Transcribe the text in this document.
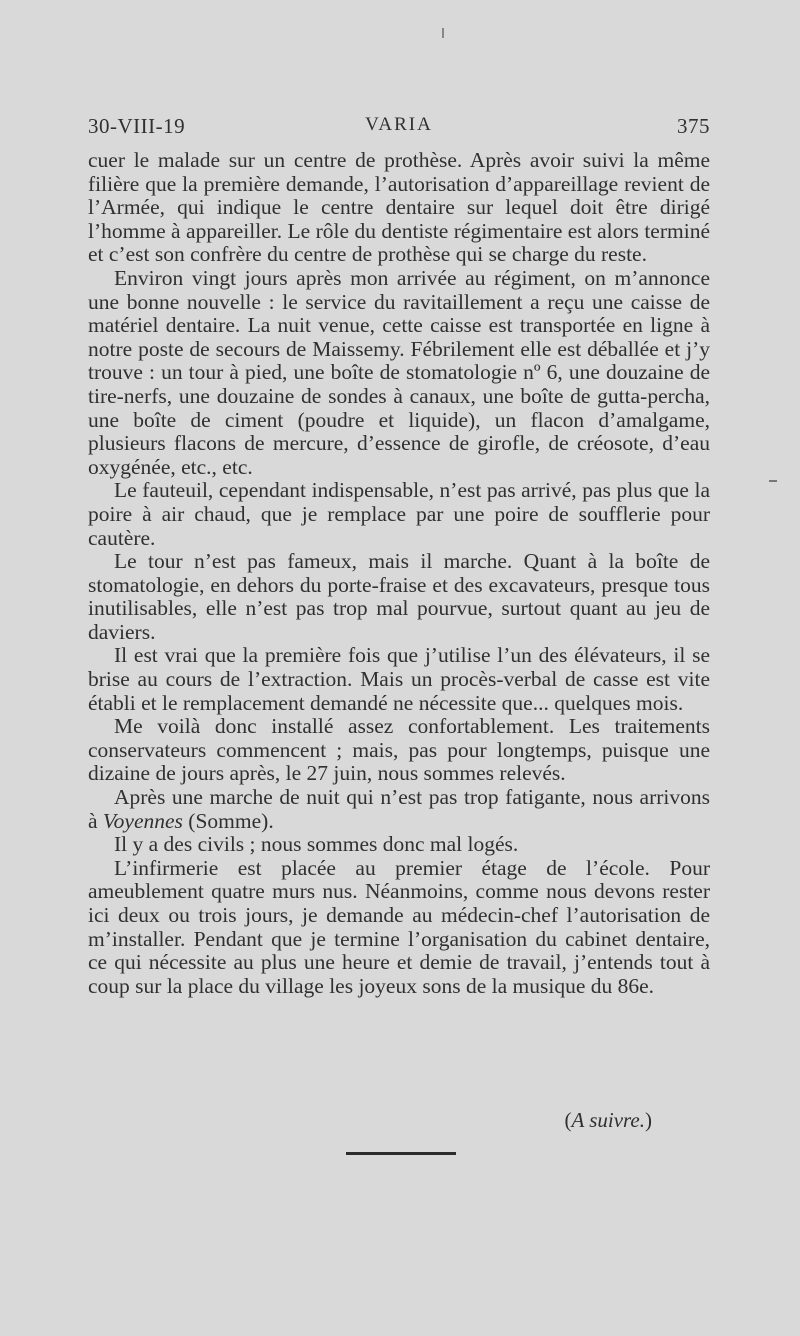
30-VIII-19	VARIA	375

cuer le malade sur un centre de prothèse. Après avoir suivi la même filière que la première demande, l’autorisation d’appareillage revient de l’Armée, qui indique le centre dentaire sur lequel doit être dirigé l’homme à appareiller. Le rôle du dentiste régimentaire est alors terminé et c’est son confrère du centre de prothèse qui se charge du reste.

Environ vingt jours après mon arrivée au régiment, on m’annonce une bonne nouvelle : le service du ravitaillement a reçu une caisse de matériel dentaire. La nuit venue, cette caisse est transportée en ligne à notre poste de secours de Maissemy. Fébrilement elle est déballée et j’y trouve : un tour à pied, une boîte de stomatologie nº 6, une douzaine de tire-nerfs, une douzaine de sondes à canaux, une boîte de gutta-percha, une boîte de ciment (poudre et liquide), un flacon d’amalgame, plusieurs flacons de mercure, d’essence de girofle, de créosote, d’eau oxygénée, etc., etc.

Le fauteuil, cependant indispensable, n’est pas arrivé, pas plus que la poire à air chaud, que je remplace par une poire de soufflerie pour cautère.

Le tour n’est pas fameux, mais il marche. Quant à la boîte de stomatologie, en dehors du porte-fraise et des excavateurs, presque tous inutilisables, elle n’est pas trop mal pourvue, surtout quant au jeu de daviers.

Il est vrai que la première fois que j’utilise l’un des élévateurs, il se brise au cours de l’extraction. Mais un procès-verbal de casse est vite établi et le remplacement demandé ne nécessite que... quelques mois.

Me voilà donc installé assez confortablement. Les traitements conservateurs commencent ; mais, pas pour longtemps, puisque une dizaine de jours après, le 27 juin, nous sommes relevés.

Après une marche de nuit qui n’est pas trop fatigante, nous arrivons à Voyennes (Somme).

Il y a des civils ; nous sommes donc mal logés.

L’infirmerie est placée au premier étage de l’école. Pour ameublement quatre murs nus. Néanmoins, comme nous devons rester ici deux ou trois jours, je demande au médecin-chef l’autorisation de m’installer. Pendant que je termine l’organisation du cabinet dentaire, ce qui nécessite au plus une heure et demie de travail, j’entends tout à coup sur la place du village les joyeux sons de la musique du 86e.

(A suivre.)
